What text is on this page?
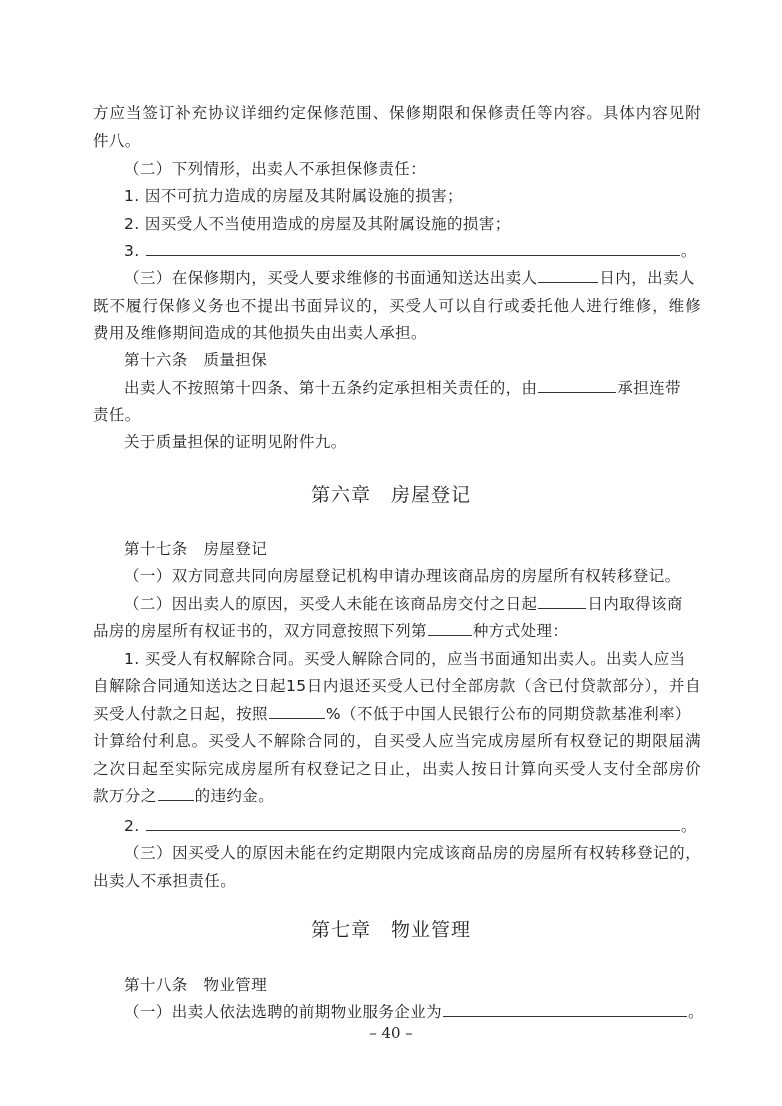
方应当签订补充协议详细约定保修范围、保修期限和保修责任等内容。具体内容见附
件八。
（二）下列情形，出卖人不承担保修责任：
1. 因不可抗力造成的房屋及其附属设施的损害；
2. 因买受人不当使用造成的房屋及其附属设施的损害；
3.	。
（三）在保修期内，买受人要求维修的书面通知送达出卖人	日内，出卖人
既不履行保修义务也不提出书面异议的，买受人可以自行或委托他人进行维修，维修
费用及维修期间造成的其他损失由出卖人承担。
第十六条　质量担保
出卖人不按照第十四条、第十五条约定承担相关责任的，由	承担连带
责任。
关于质量担保的证明见附件九。
第六章　房屋登记
第十七条　房屋登记
（一）双方同意共同向房屋登记机构申请办理该商品房的房屋所有权转移登记。
（二）因出卖人的原因，买受人未能在该商品房交付之日起	日内取得该商
品房的房屋所有权证书的，双方同意按照下列第	种方式处理：
1. 买受人有权解除合同。买受人解除合同的，应当书面通知出卖人。出卖人应当
自解除合同通知送达之日起15日内退还买受人已付全部房款（含已付贷款部分），并自
买受人付款之日起，按照	%（不低于中国人民银行公布的同期贷款基准利率）
计算给付利息。买受人不解除合同的，自买受人应当完成房屋所有权登记的期限届满
之次日起至实际完成房屋所有权登记之日止，出卖人按日计算向买受人支付全部房价
款万分之 的违约金。
2.	。
（三）因买受人的原因未能在约定期限内完成该商品房的房屋所有权转移登记的，
出卖人不承担责任。
第七章　物业管理
第十八条　物业管理
（一）出卖人依法选聘的前期物业服务企业为	。
– 40 –
